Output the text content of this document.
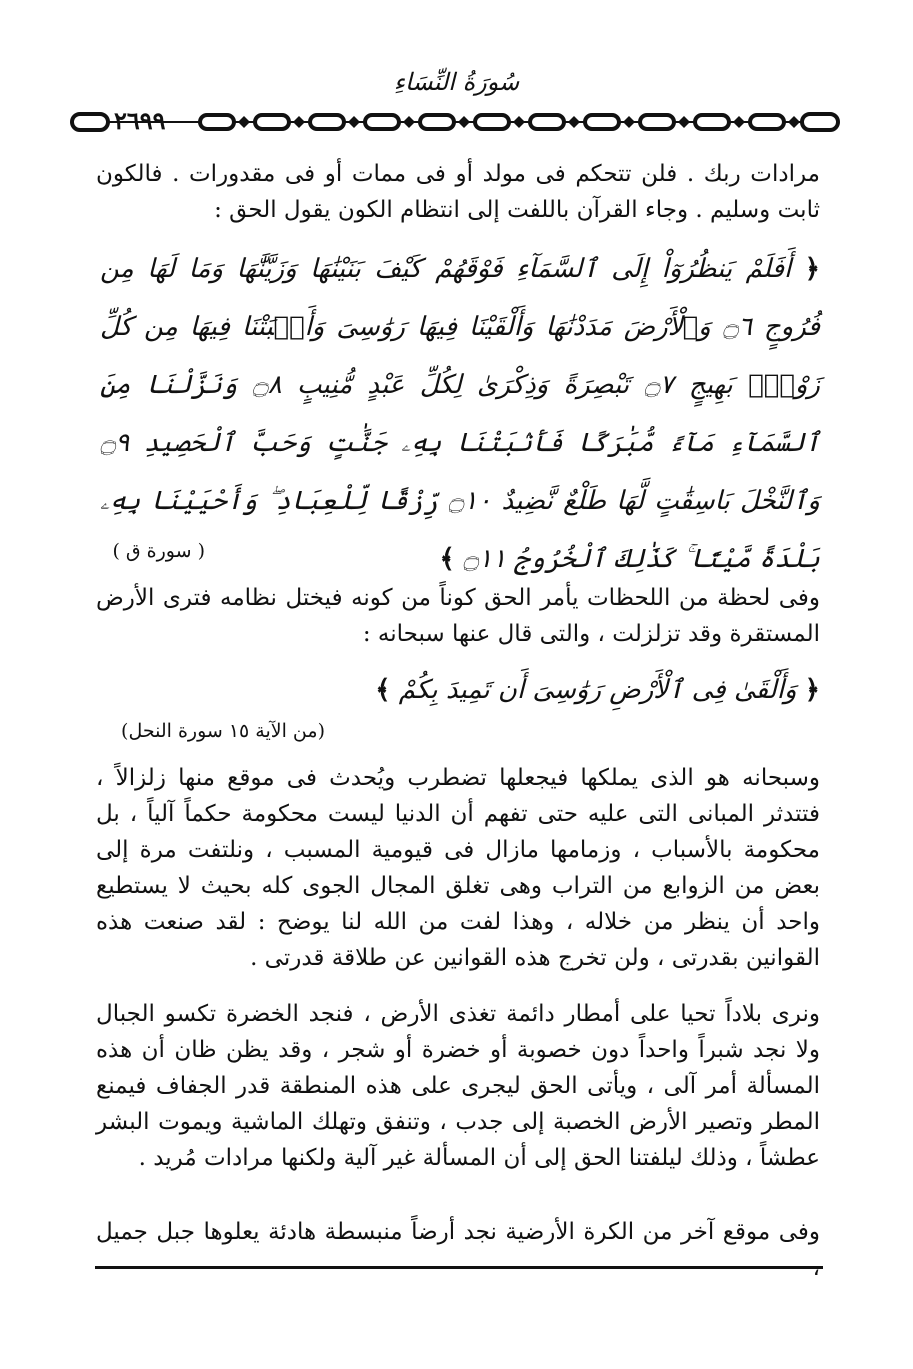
سُورَةُ النِّسَاءِ
٢٦٩٩
مرادات ربك . فلن تتحكم فى مولد أو فى ممات أو فى مقدورات . فالكون ثابت وسليم . وجاء القرآن باللفت إلى انتظام الكون يقول الحق :
﴿ أَفَلَمْ يَنظُرُوٓاْ إِلَى ٱلسَّمَآءِ فَوْقَهُمْ كَيْفَ بَنَيْنَٰهَا وَزَيَّنَّٰهَا وَمَا لَهَا مِن فُرُوجٍ ۝٦ وَٱلْأَرْضَ مَدَدْنَٰهَا وَأَلْقَيْنَا فِيهَا رَوَٰسِىَ وَأَنۢبَتْنَا فِيهَا مِن كُلِّ زَوْجٍۭ بَهِيجٍ ۝٧ تَبْصِرَةً وَذِكْرَىٰ لِكُلِّ عَبْدٍ مُّنِيبٍ ۝٨ وَنَزَّلْنَا مِنَ ٱلسَّمَآءِ مَآءً مُّبَٰرَكًا فَأَنۢبَتْنَا بِهِۦ جَنَّٰتٍ وَحَبَّ ٱلْحَصِيدِ ۝٩ وَٱلنَّخْلَ بَاسِقَٰتٍ لَّهَا طَلْعٌ نَّضِيدٌ ۝١٠ رِّزْقًا لِّلْعِبَادِ ۖ وَأَحْيَيْنَا بِهِۦ بَلْدَةً مَّيْتًا ۚ كَذَٰلِكَ ٱلْخُرُوجُ ۝١١ ﴾
( سورة ق )
وفى لحظة من اللحظات يأمر الحق كوناً من كونه فيختل نظامه فترى الأرض المستقرة وقد تزلزلت ، والتى قال عنها سبحانه :
﴿ وَأَلْقَىٰ فِى ٱلْأَرْضِ رَوَٰسِىَ أَن تَمِيدَ بِكُمْ ﴾
(من الآية ١٥ سورة النحل)
وسبحانه هو الذى يملكها فيجعلها تضطرب ويُحدث فى موقع منها زلزالاً ، فتتدثر المبانى التى عليه حتى تفهم أن الدنيا ليست محكومة حكماً آلياً ، بل محكومة بالأسباب ، وزمامها مازال فى قيومية المسبب ، ونلتفت مرة إلى بعض من الزوابع من التراب وهى تغلق المجال الجوى كله بحيث لا يستطيع واحد أن ينظر من خلاله ، وهذا لفت من الله لنا يوضح : لقد صنعت هذه القوانين بقدرتى ، ولن تخرج هذه القوانين عن طلاقة قدرتى .
ونرى بلاداً تحيا على أمطار دائمة تغذى الأرض ، فنجد الخضرة تكسو الجبال ولا نجد شبراً واحداً دون خصوبة أو خضرة أو شجر ، وقد يظن ظان أن هذه المسألة أمر آلى ، ويأتى الحق ليجرى على هذه المنطقة قدر الجفاف فيمنع المطر وتصير الأرض الخصبة إلى جدب ، وتنفق وتهلك الماشية ويموت البشر عطشاً ، وذلك ليلفتنا الحق إلى أن المسألة غير آلية ولكنها مرادات مُريد .
وفى موقع آخر من الكرة الأرضية نجد أرضاً منبسطة هادئة يعلوها جبل جميل
